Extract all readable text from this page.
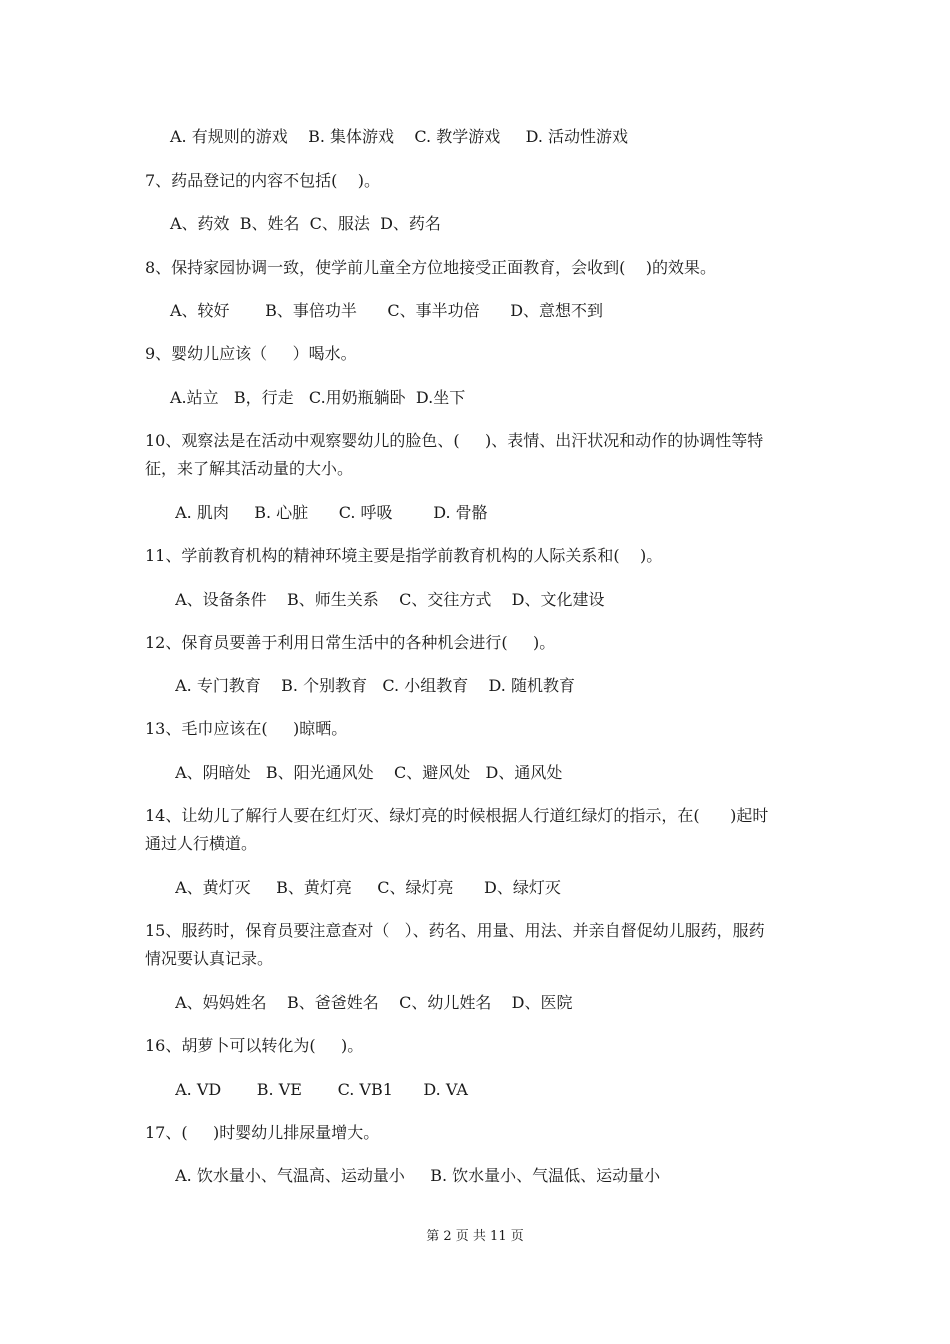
A. 有规则的游戏    B. 集体游戏    C. 教学游戏     D. 活动性游戏
7、药品登记的内容不包括(    )。
A、药效  B、姓名  C、服法  D、药名
8、保持家园协调一致，使学前儿童全方位地接受正面教育，会收到(    )的效果。
A、较好       B、事倍功半      C、事半功倍      D、意想不到
9、婴幼儿应该（     ）喝水。
A.站立   B，行走   C.用奶瓶躺卧  D.坐下
10、观察法是在活动中观察婴幼儿的脸色、(     )、表情、出汗状况和动作的协调性等特
征，来了解其活动量的大小。
A. 肌肉     B. 心脏      C. 呼吸        D. 骨骼
11、学前教育机构的精神环境主要是指学前教育机构的人际关系和(    )。
A、设备条件    B、师生关系    C、交往方式    D、文化建设
12、保育员要善于利用日常生活中的各种机会进行(     )。
A. 专门教育    B. 个别教育   C. 小组教育    D. 随机教育
13、毛巾应该在(     )晾晒。
A、阴暗处   B、阳光通风处    C、避风处   D、通风处
14、让幼儿了解行人要在红灯灭、绿灯亮的时候根据人行道红绿灯的指示，在(      )起时
通过人行横道。
A、黄灯灭     B、黄灯亮     C、绿灯亮      D、绿灯灭
15、服药时，保育员要注意查对（   ）、药名、用量、用法、并亲自督促幼儿服药，服药
情况要认真记录。
A、妈妈姓名    B、爸爸姓名    C、幼儿姓名    D、医院
16、胡萝卜可以转化为(     )。
A. VD       B. VE       C. VB1      D. VA
17、(     )时婴幼儿排尿量增大。
A. 饮水量小、气温高、运动量小     B. 饮水量小、气温低、运动量小
第 2 页 共 11 页
